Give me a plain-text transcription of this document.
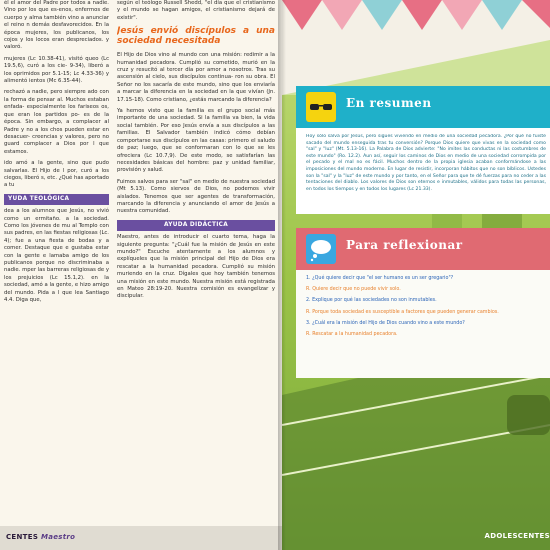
él el amor del Padre por todos a nadie. Vino por los que es-enos, enfermos de cuerpo y alma también vino a anunciar el reino n demás desfavorecidos. En la época mujeres, los publicanos, los cojos y los locos eran despreciados. y valoró.

mujeres (Lc 10.38-41), visitó queo (Lc 19.5,6), curó a los cie- 9-34), liberó a los oprimidos por 5.1-15; Lc 4.33-36) y alimentó ientos (Mc 6.35-44).

rechazó a nadie, pero siempre ado con la forma de pensar al. Muchos estaban enfada- especialmente los fariseos os, que eran los partidos po- es de la época. Sin embargo, a complacer al Padre y no a los chos pueden estar en desacuer- creencias y valores, pero no guard complacer a Dios por l que estamos.

ido amó a la gente, sino que pudo salvarlas. El Hijo de l por, curó a los ciegos, liberó s, etc. ¿Qué has aportado a tu

YUDA TEOLÓGICA

dea a los alumnos que Jesús, no vivió como un ermitaño. a la sociedad. Como los jóvenes de mu al Templo con sus padres, en las fiestas religiosas (Lc. 4); fue a una fiesta de bodas y a comer. Destaque que e gustaba estar con la gente e lamaba amigo de los publicanos porque no discriminaba a nadie. mper las barreras religiosas de y los prejuicios (Lc 15.1,2). en la sociedad, amó a la gente, e hizo amigo del mundo. Pida a l que lea Santiago 4.4. Diga que,

según el teólogo Russell Shedd, "el día que el cristianismo y el mundo se hagan amigos, el cristianismo dejará de existir".

Jesús envió discípulos a una sociedad necesitada

El Hijo de Dios vino al mundo con una misión: redimir a la humanidad pecadora. Cumplió su cometido, murió en la cruz y resucitó al tercer día por amor a nosotros. Tras su ascensión al cielo, sus discípulos continua- ron su obra. El Señor no los sacaría de este mundo, sino que los enviaría a marcar la diferencia en la sociedad en la que vivían (Jn. 17.15-18). Como cristiano, ¿estás marcando la diferencia?

Ya hemos visto que la familia es el grupo social más importante de una sociedad. Si la familia va bien, la vida social también. Por eso Jesús envía a sus discípulos a las familias. El Salvador también indicó cómo debían comportarse sus discípulos en las casas: primero el saludo de paz; luego, que se conformaran con lo que se les ofreciera (Lc 10.7,9). De este modo, se satisfarían las necesidades básicas del hombre: paz y unidad familiar, provisión y salud.

Fuimos salvos para ser "sal" en medio de nuestra sociedad (Mt 5.13). Como siervos de Dios, no podemos vivir aislados. Tenemos que ser agentes de transformación, marcando la diferencia y anunciando el amor de Jesús a nuestra comunidad.

AYUDA DIDÁCTICA

Maestro, antes de introducir el cuarto tema, haga la siguiente pregunta: "¿Cuál fue la misión de Jesús en este mundo?" Escuche atentamente a los alumnos y explíqueles que la misión principal del Hijo de Dios era rescatar a la humanidad pecadora. Cumplió su misión muriendo en la cruz. Dígales que hoy también tenemos una misión en este mundo. Nuestra misión está registrada en Mateo 28:19-20. Nuestra comisión es evangelizar y discipular.

CENTES Maestro
En resumen
Hoy sólo salva por Jesús, pero sigues viviendo en medio de una sociedad pecadora. ¿Por qué no fuiste sacado del mundo enseguida tras tu conversión? Porque Dios quiere que vivas en la sociedad como "sal" y "luz" (Mt. 5.13-16). La Palabra de Dios advierte: "No imites las conductas ni las costumbres de este mundo" (Ro. 12.2). Aun así, seguir los caminos de Dios en medio de una sociedad corrompida por el pecado y el mal no es fácil. Muchos dentro de la propia iglesia acaban conformándose a las imposiciones del mundo moderno. En lugar de resistir, incorporan hábitos que no son bíblicos. Ustedes son la "sal" y la "luz" de este mundo y por tanto, en el Señor para que te dé fuerzas para no ceder a las tentaciones del diablo. Los valores de Dios son eternos e inmutables, válidos para todas las personas, en todos los tiempos y en todos los lugares (Lc 21.33).
Para reflexionar
1. ¿Qué quiere decir que "el ser humano es un ser gregario"?
R. Quiere decir que no puede vivir solo.
2. Explique por qué las sociedades no son inmutables.
R. Porque toda sociedad es susceptible a factores que pueden generar cambios.
3. ¿Cuál era la misión del Hijo de Dios cuando vino a este mundo?
R. Rescatar a la humanidad pecadora.
ADOLESCENTES
